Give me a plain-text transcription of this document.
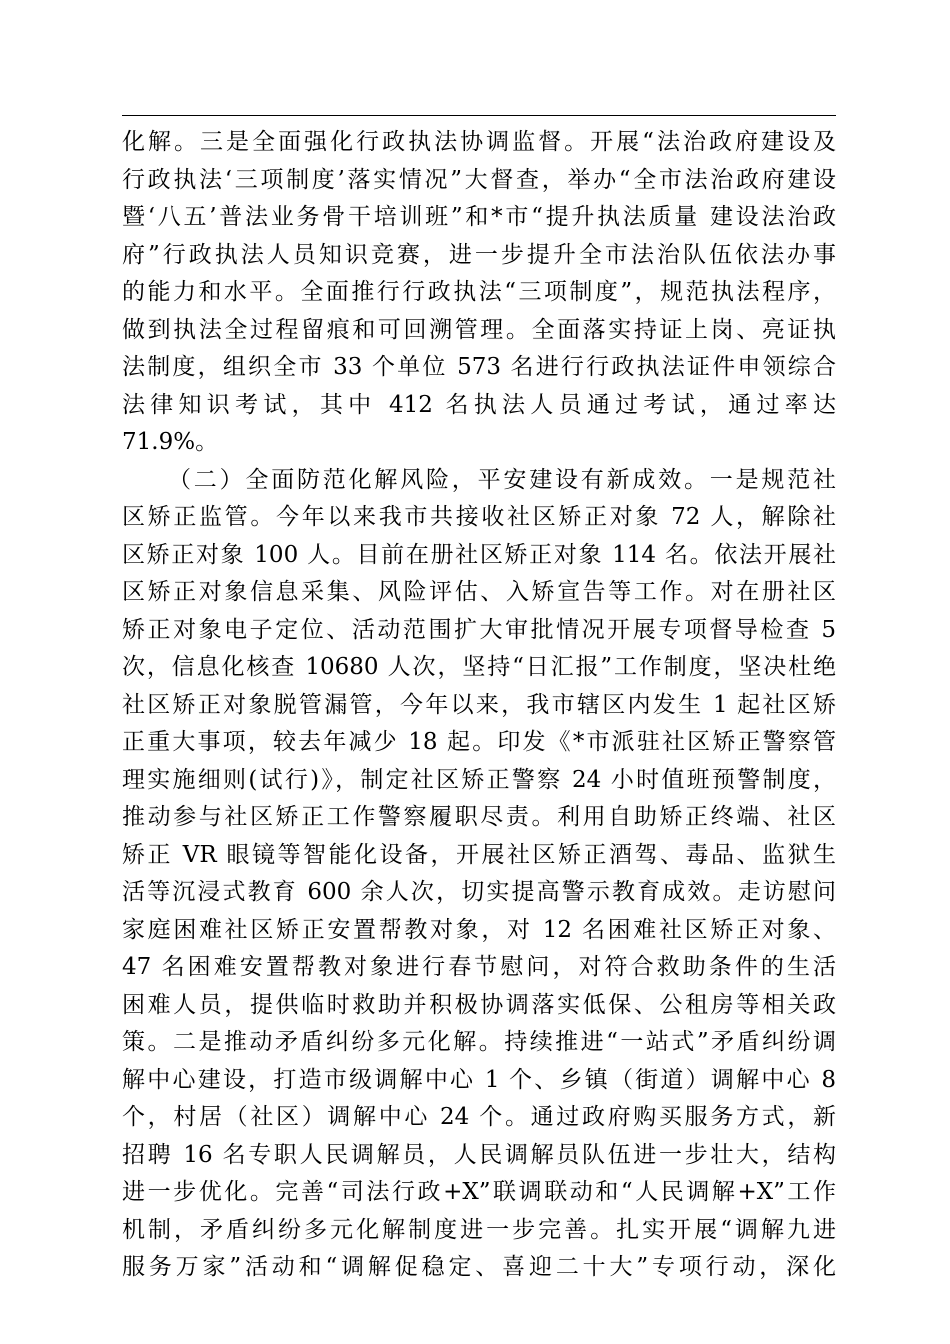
化解。三是全面强化行政执法协调监督。开展“法治政府建设及
行政执法‘三项制度’落实情况”大督查，举办“全市法治政府建设
暨‘八五’普法业务骨干培训班”和*市“提升执法质量 建设法治政
府”行政执法人员知识竞赛，进一步提升全市法治队伍依法办事
的能力和水平。全面推行行政执法“三项制度”，规范执法程序，
做到执法全过程留痕和可回溯管理。全面落实持证上岗、亮证执
法制度，组织全市 33 个单位 573 名进行行政执法证件申领综合
法律知识考试，其中 412 名执法人员通过考试，通过率达
71.9%。
（二）全面防范化解风险，平安建设有新成效。一是规范社
区矫正监管。今年以来我市共接收社区矫正对象 72 人，解除社
区矫正对象 100 人。目前在册社区矫正对象 114 名。依法开展社
区矫正对象信息采集、风险评估、入矫宣告等工作。对在册社区
矫正对象电子定位、活动范围扩大审批情况开展专项督导检查 5
次，信息化核查 10680 人次，坚持“日汇报”工作制度，坚决杜绝
社区矫正对象脱管漏管，今年以来，我市辖区内发生 1 起社区矫
正重大事项，较去年减少 18 起。印发《*市派驻社区矫正警察管
理实施细则(试行)》，制定社区矫正警察 24 小时值班预警制度，
推动参与社区矫正工作警察履职尽责。利用自助矫正终端、社区
矫正 VR 眼镜等智能化设备，开展社区矫正酒驾、毒品、监狱生
活等沉浸式教育 600 余人次，切实提高警示教育成效。走访慰问
家庭困难社区矫正安置帮教对象，对 12 名困难社区矫正对象、
47 名困难安置帮教对象进行春节慰问，对符合救助条件的生活
困难人员，提供临时救助并积极协调落实低保、公租房等相关政
策。二是推动矛盾纠纷多元化解。持续推进“一站式”矛盾纠纷调
解中心建设，打造市级调解中心 1 个、乡镇（街道）调解中心 8
个，村居（社区）调解中心 24 个。通过政府购买服务方式，新
招聘 16 名专职人民调解员，人民调解员队伍进一步壮大，结构
进一步优化。完善“司法行政+X”联调联动和“人民调解+X”工作
机制，矛盾纠纷多元化解制度进一步完善。扎实开展“调解九进
服务万家”活动和“调解促稳定、喜迎二十大”专项行动，深化
